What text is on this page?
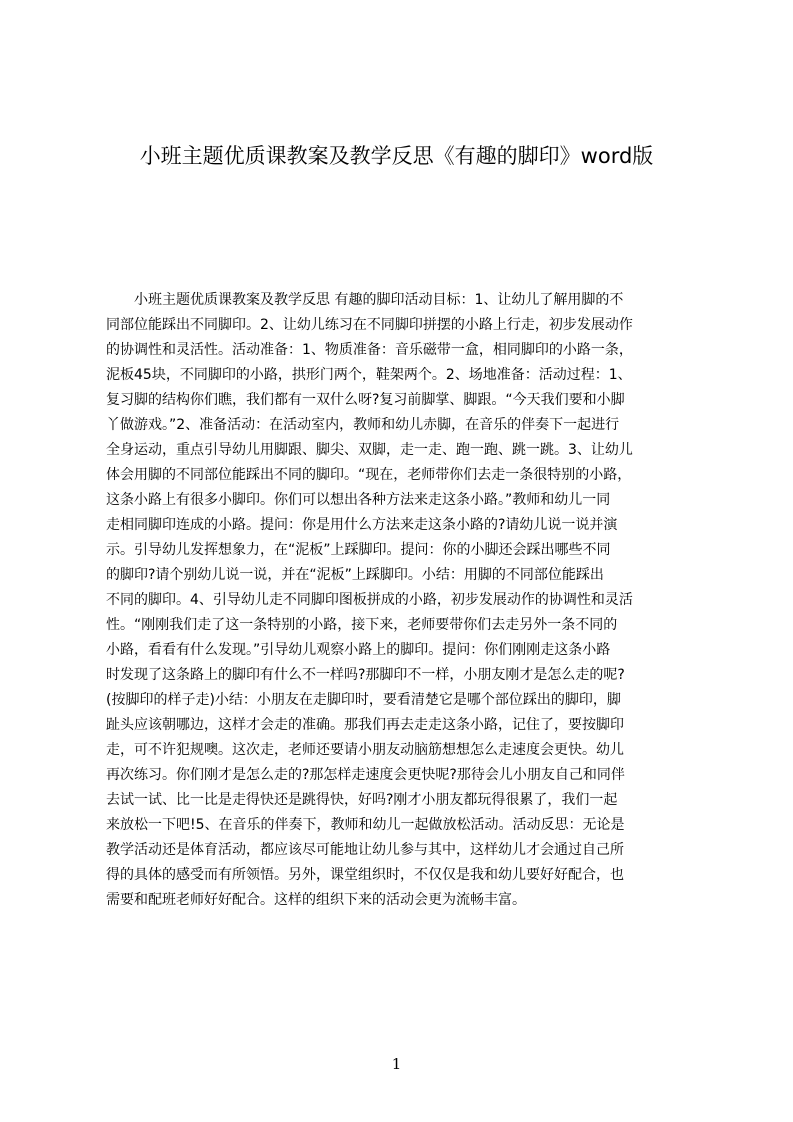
小班主题优质课教案及教学反思《有趣的脚印》word版
　　小班主题优质课教案及教学反思 有趣的脚印活动目标：1、让幼儿了解用脚的不
同部位能踩出不同脚印。2、让幼儿练习在不同脚印拼摆的小路上行走，初步发展动作
的协调性和灵活性。活动准备：1、物质准备：音乐磁带一盒，相同脚印的小路一条，
泥板45块，不同脚印的小路，拱形门两个，鞋架两个。2、场地准备：活动过程：1、
复习脚的结构你们瞧，我们都有一双什么呀?复习前脚掌、脚跟。“今天我们要和小脚
丫做游戏。”2、准备活动：在活动室内，教师和幼儿赤脚，在音乐的伴奏下一起进行
全身运动，重点引导幼儿用脚跟、脚尖、双脚，走一走、跑一跑、跳一跳。3、让幼儿
体会用脚的不同部位能踩出不同的脚印。“现在，老师带你们去走一条很特别的小路，
这条小路上有很多小脚印。你们可以想出各种方法来走这条小路。”教师和幼儿一同
走相同脚印连成的小路。提问：你是用什么方法来走这条小路的?请幼儿说一说并演
示。引导幼儿发挥想象力，在“泥板”上踩脚印。提问：你的小脚还会踩出哪些不同
的脚印?请个别幼儿说一说，并在“泥板”上踩脚印。小结：用脚的不同部位能踩出
不同的脚印。4、引导幼儿走不同脚印图板拼成的小路，初步发展动作的协调性和灵活
性。“刚刚我们走了这一条特别的小路，接下来，老师要带你们去走另外一条不同的
小路，看看有什么发现。”引导幼儿观察小路上的脚印。提问：你们刚刚走这条小路
时发现了这条路上的脚印有什么不一样吗?那脚印不一样，小朋友刚才是怎么走的呢?
(按脚印的样子走)小结：小朋友在走脚印时，要看清楚它是哪个部位踩出的脚印，脚
趾头应该朝哪边，这样才会走的准确。那我们再去走走这条小路，记住了，要按脚印
走，可不许犯规噢。这次走，老师还要请小朋友动脑筋想想怎么走速度会更快。幼儿
再次练习。你们刚才是怎么走的?那怎样走速度会更快呢?那待会儿小朋友自己和同伴
去试一试、比一比是走得快还是跳得快，好吗?刚才小朋友都玩得很累了，我们一起
来放松一下吧!5、在音乐的伴奏下，教师和幼儿一起做放松活动。活动反思：无论是
教学活动还是体育活动，都应该尽可能地让幼儿参与其中，这样幼儿才会通过自己所
得的具体的感受而有所领悟。另外，课堂组织时，不仅仅是我和幼儿要好好配合，也
需要和配班老师好好配合。这样的组织下来的活动会更为流畅丰富。
1
